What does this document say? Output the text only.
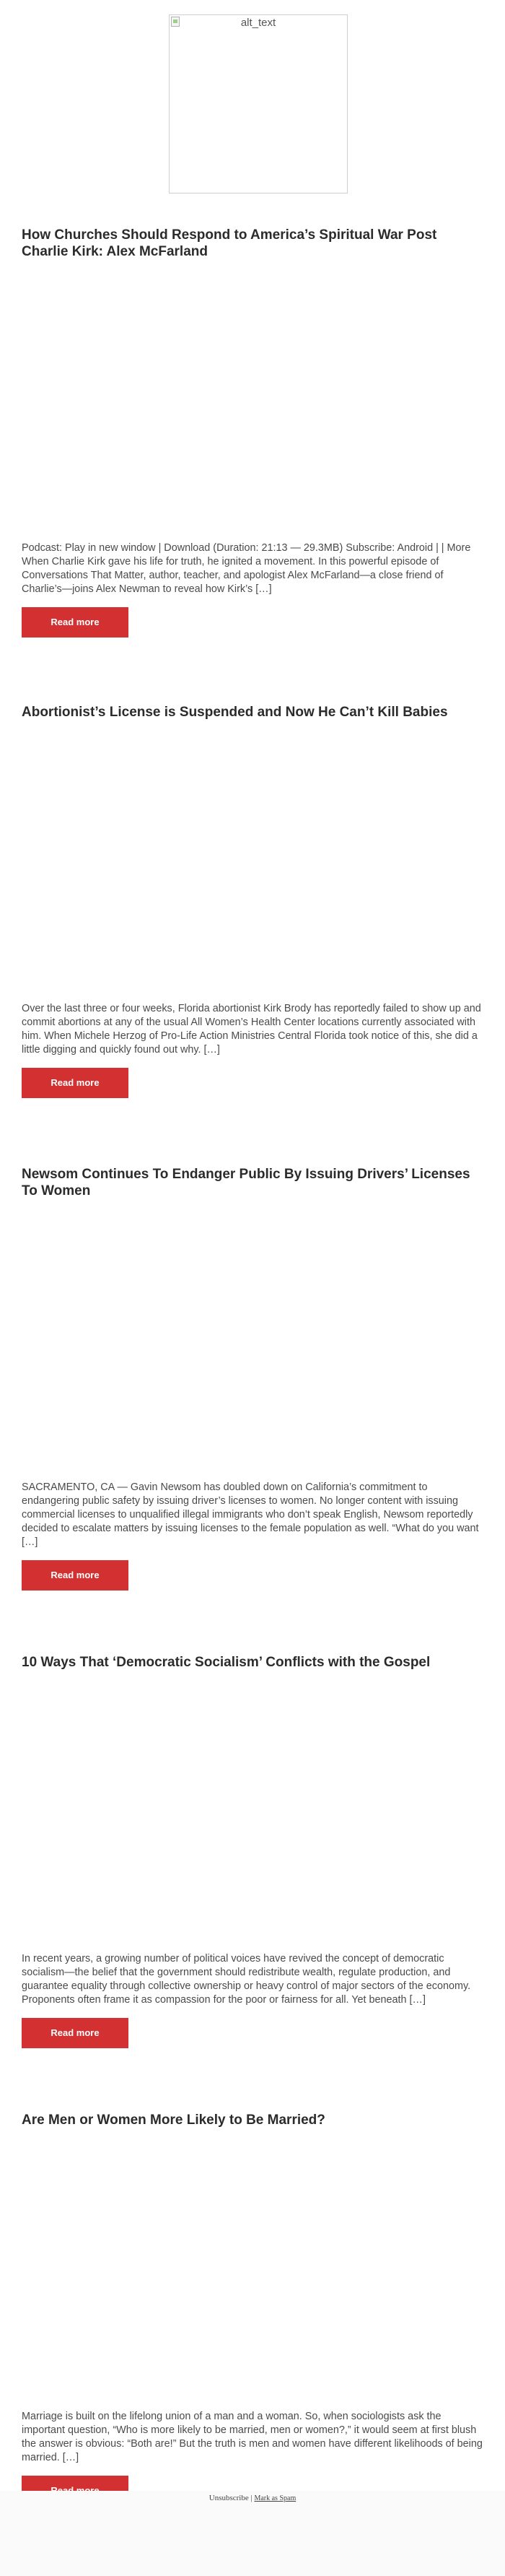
alt_text
How Churches Should Respond to America’s Spiritual War Post Charlie Kirk: Alex McFarland

Podcast: Play in new window | Download (Duration: 21:13 — 29.3MB) Subscribe: Android | | More When Charlie Kirk gave his life for truth, he ignited a movement. In this powerful episode of Conversations That Matter, author, teacher, and apologist Alex McFarland—a close friend of Charlie’s—joins Alex Newman to reveal how Kirk’s […]

Read more
Abortionist’s License is Suspended and Now He Can’t Kill Babies

Over the last three or four weeks, Florida abortionist Kirk Brody has reportedly failed to show up and commit abortions at any of the usual All Women’s Health Center locations currently associated with him. When Michele Herzog of Pro-Life Action Ministries Central Florida took notice of this, she did a little digging and quickly found out why. […]

Read more
Newsom Continues To Endanger Public By Issuing Drivers’ Licenses To Women

SACRAMENTO, CA — Gavin Newsom has doubled down on California’s commitment to endangering public safety by issuing driver’s licenses to women. No longer content with issuing commercial licenses to unqualified illegal immigrants who don’t speak English, Newsom reportedly decided to escalate matters by issuing licenses to the female population as well. “What do you want […]

Read more
10 Ways That ‘Democratic Socialism’ Conflicts with the Gospel

In recent years, a growing number of political voices have revived the concept of democratic socialism—the belief that the government should redistribute wealth, regulate production, and guarantee equality through collective ownership or heavy control of major sectors of the economy. Proponents often frame it as compassion for the poor or fairness for all. Yet beneath […]

Read more
Are Men or Women More Likely to Be Married?

Marriage is built on the lifelong union of a man and a woman. So, when sociologists ask the important question, “Who is more likely to be married, men or women?,” it would seem at first blush the answer is obvious: “Both are!” But the truth is men and women have different likelihoods of being married. […]

Unsubscribe | Mark as Spam
